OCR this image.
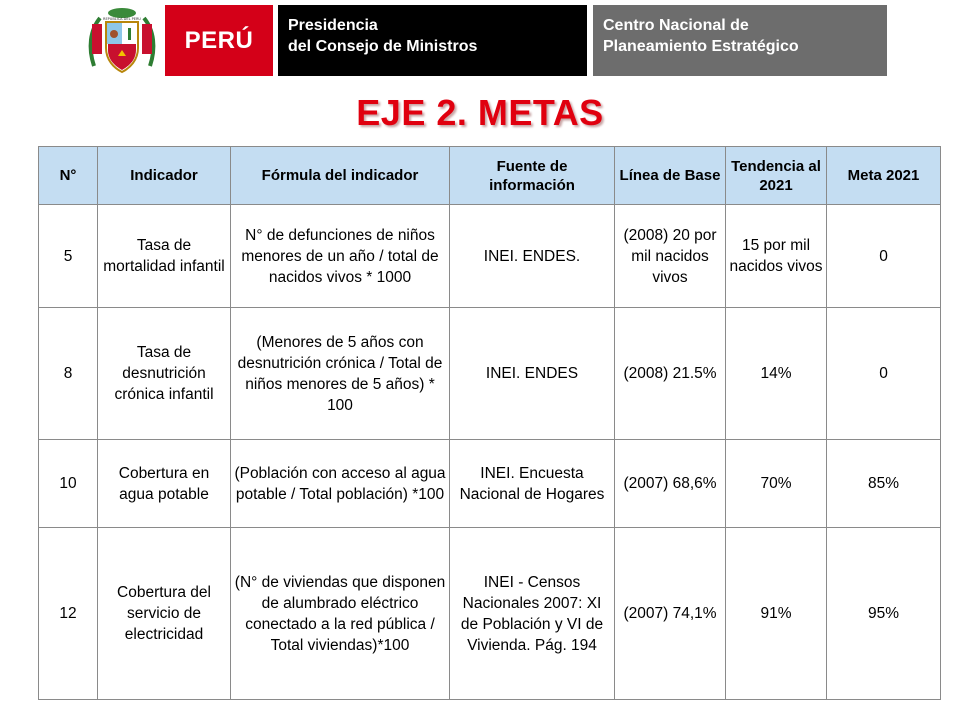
REPUBLICA DEL PERU
PERÚ
Presidencia
del Consejo de Ministros
Centro Nacional de
Planeamiento Estratégico
EJE 2. METAS
N°	Indicador	Fórmula del indicador	Fuente de información	Línea de Base	Tendencia al 2021	Meta 2021
5	Tasa de mortalidad infantil	N° de defunciones de niños menores de un año / total de nacidos vivos * 1000	INEI. ENDES.	(2008) 20 por mil nacidos vivos	15 por mil nacidos vivos	0
8	Tasa de desnutrición crónica infantil	(Menores de 5 años con desnutrición crónica / Total de niños menores de 5 años) * 100	INEI. ENDES	(2008) 21.5%	14%	0
10	Cobertura en agua potable	(Población con acceso al agua potable / Total población) *100	INEI. Encuesta Nacional de Hogares	(2007) 68,6%	70%	85%
12	Cobertura del servicio de electricidad	(N° de viviendas que disponen de alumbrado eléctrico conectado a la red pública / Total viviendas)*100	INEI - Censos Nacionales 2007: XI de Población y VI de Vivienda. Pág. 194	(2007) 74,1%	91%	95%
